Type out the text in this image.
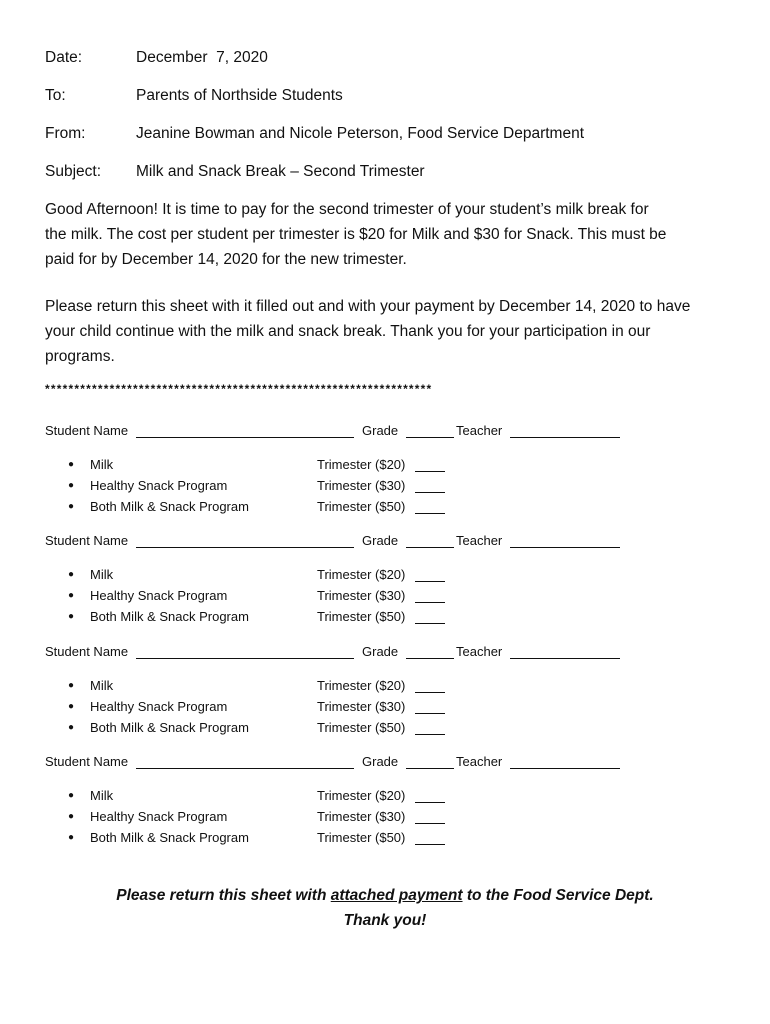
Date:	December  7, 2020
To:	Parents of Northside Students
From:	Jeanine Bowman and Nicole Peterson, Food Service Department
Subject: Milk and Snack Break – Second Trimester
Good Afternoon! It is time to pay for the second trimester of your student’s milk break for
the milk. The cost per student per trimester is $20 for Milk and $30 for Snack. This must be
paid for by December 14, 2020 for the new trimester.
Please return this sheet with it filled out and with your payment by December 14, 2020 to have
your child continue with the milk and snack break. Thank you for your participation in our
programs.
******************************************************************
Student Name	Grade	Teacher
● Milk	Trimester ($20)
● Healthy Snack Program	Trimester ($30)
● Both Milk & Snack Program	Trimester ($50)
Student Name	Grade	Teacher
● Milk	Trimester ($20)
● Healthy Snack Program	Trimester ($30)
● Both Milk & Snack Program	Trimester ($50)
Student Name	Grade	Teacher
● Milk	Trimester ($20)
● Healthy Snack Program	Trimester ($30)
● Both Milk & Snack Program	Trimester ($50)
Student Name	Grade	Teacher
● Milk	Trimester ($20)
● Healthy Snack Program	Trimester ($30)
● Both Milk & Snack Program	Trimester ($50)
Please return this sheet with attached payment to the Food Service Dept.
Thank you!
